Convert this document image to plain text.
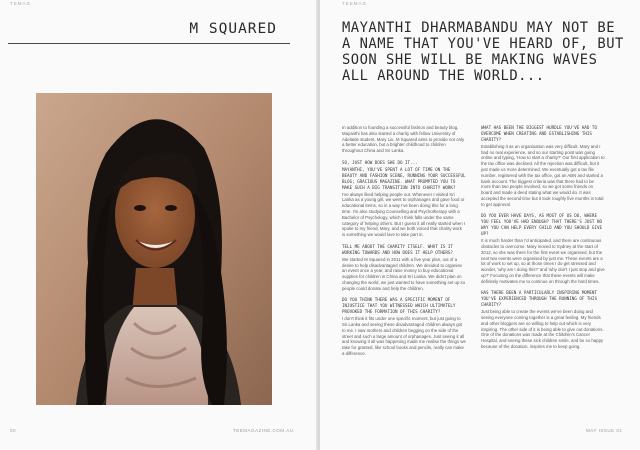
TEMAG
M SQUARED
00	TEEMAGAZINE.COM.AU
TEEMAG
MAYANTHI DHARMABANDU MAY NOT BE A NAME THAT YOU'VE HEARD OF, BUT SOON SHE WILL BE MAKING WAVES ALL AROUND THE WORLD...

In addition to founding a successful fashion and beauty blog, Mayanthi has also started a charity with fellow University of Adelaide student, Mary Liu. M Squared aims to provide not only a better education, but a brighter childhood to children throughout China and Sri Lanka.

SO, JUST HOW DOES SHE DO IT...
MAYANTHI, YOU'VE SPENT A LOT OF TIME ON THE BEAUTY AND FASHION SCENE, RUNNING YOUR SUCCESSFUL BLOG; GRACIOUS MAGAZINE. WHAT PROMPTED YOU TO MAKE SUCH A BIG TRANSITION INTO CHARITY WORK?

I've always liked helping people out. Whenever I visited Sri Lanka as a young girl, we went to orphanages and gave food or educational items, so in a way I've been doing this for a long time. I'm also studying Counselling and Psychotherapy with a Bachelor of Psychology, which I think falls under the same category of helping others. But I guess it all really started when I spoke to my friend, Mary, and we both voiced that charity work is something we would love to take part in.

TELL ME ABOUT THE CHARITY ITSELF. WHAT IS IT WORKING TOWARDS AND HOW DOES IT HELP OTHERS?

We started M Squared in 2011 with a five year plan, out of a desire to help disadvantaged children. We decided to organise an event once a year, and raise money to buy educational supplies for children in China and Sri Lanka. We didn't plan on changing the world, we just wanted to have something set up so people could donate and help the children.

DO YOU THINK THERE WAS A SPECIFIC MOMENT OF INJUSTICE THAT YOU WITNESSED WHICH ULTIMATELY PROVOKED THE FORMATION OF THIS CHARITY?

I don't think it fits under one specific moment, but just going to Sri Lanka and seeing these disadvantaged children always got to me. I saw mothers and children begging on the side of the street and such a large amount of orphanages. Just seeing it all and knowing it all was happening made me realise the things we take for granted, like school books and pencils, really can make a difference.

WHAT HAS BEEN THE BIGGEST HURDLE YOU'VE HAD TO OVERCOME WHEN CREATING AND ESTABLISHING THIS CHARITY?

Establishing it as an organisation was very difficult. Mary and I had no real experience, and so our starting point was going online and typing, 'How to start a charity?' Our first application to the tax office was declined. All the rejection was difficult, but it just made us more determined. We eventually got a tax file number, registered with the tax office, got an ABN and started a bank account. The biggest criteria was that there had to be more than two people involved, so we got some friends on board and made a deed stating what we would do. It was accepted the second time but it took roughly five months in total to get approval.

DO YOU EVER HAVE DAYS, AS MOST OF US DO, WHERE YOU FEEL YOU'VE HAD ENOUGH? THAT THERE'S JUST NO WAY YOU CAN HELP EVERY CHILD AND YOU SHOULD GIVE UP?

It is much harder than I'd anticipated, and there are continuous obstacles to overcome. Mary moved to Sydney at the start of 2012, so she was there for the first event we organised, but the next two events were organised by just me. These events are a lot of work to set up, so at those times I do get stressed and wonder, 'why am I doing this?' and 'why don't I just stop and give up?' Focusing on the difference that these events will make definitely motivates me to continue on through the hard times.

HAS THERE BEEN A PARTICULARLY INSPIRING MOMENT YOU'VE EXPERIENCED THROUGH THE RUNNING OF THIS CHARITY?

Just being able to create the events we've been doing and seeing everyone coming together is a great feeling. My friends and other bloggers are so willing to help out which is very inspiring. The other side of it is being able to give out donations. One of the donations was made at the Children's Cancer Hospital, and seeing these sick children smile, and be so happy because of the donation, inspires me to keep going.

MAY ISSUE 01
